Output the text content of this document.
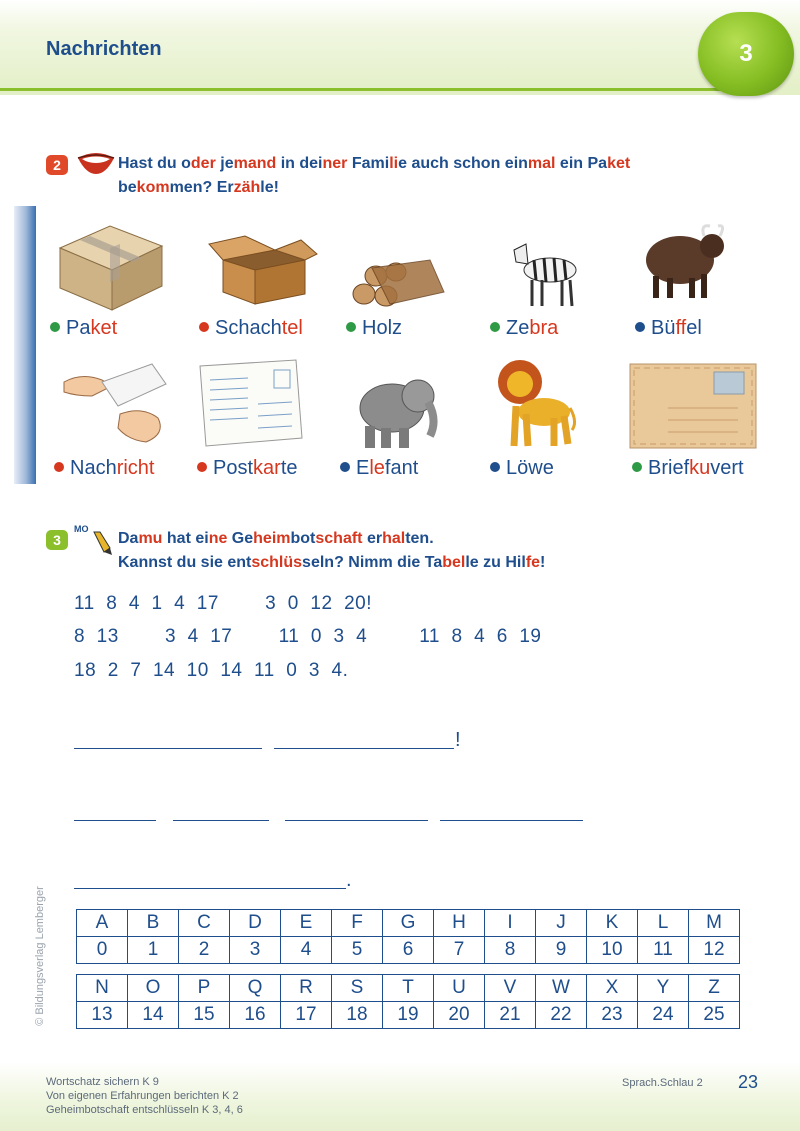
Nachrichten	3
2	Hast du oder jemand in deiner Familie auch schon einmal ein Paket
bekommen? Erzähle!
Paket	Schachtel	Holz	Zebra	Büffel
Nachricht	Postkarte	Elefant	Löwe	Briefkuvert
3
MO
Damu hat eine Geheimbotschaft erhalten.
Kannst du sie entschlüsseln? Nimm die Tabelle zu Hilfe!
11  8  4  1  4  17        3  0  12  20!
8  13        3  4  17        11  0  3  4         11  8  4  6  19
18  2  7  14  10  14  11  0  3  4.
!
.
A	B	C	D	E	F	G	H	I	J	K	L	M
0	1	2	3	4	5	6	7	8	9	10	11	12
N	O	P	Q	R	S	T	U	V	W	X	Y	Z
13	14	15	16	17	18	19	20	21	22	23	24	25
© Bildungsverlag Lemberger
Wortschatz sichern K 9
Von eigenen Erfahrungen berichten K 2
Geheimbotschaft entschlüsseln K 3, 4, 6
Sprach.Schlau 2 23
